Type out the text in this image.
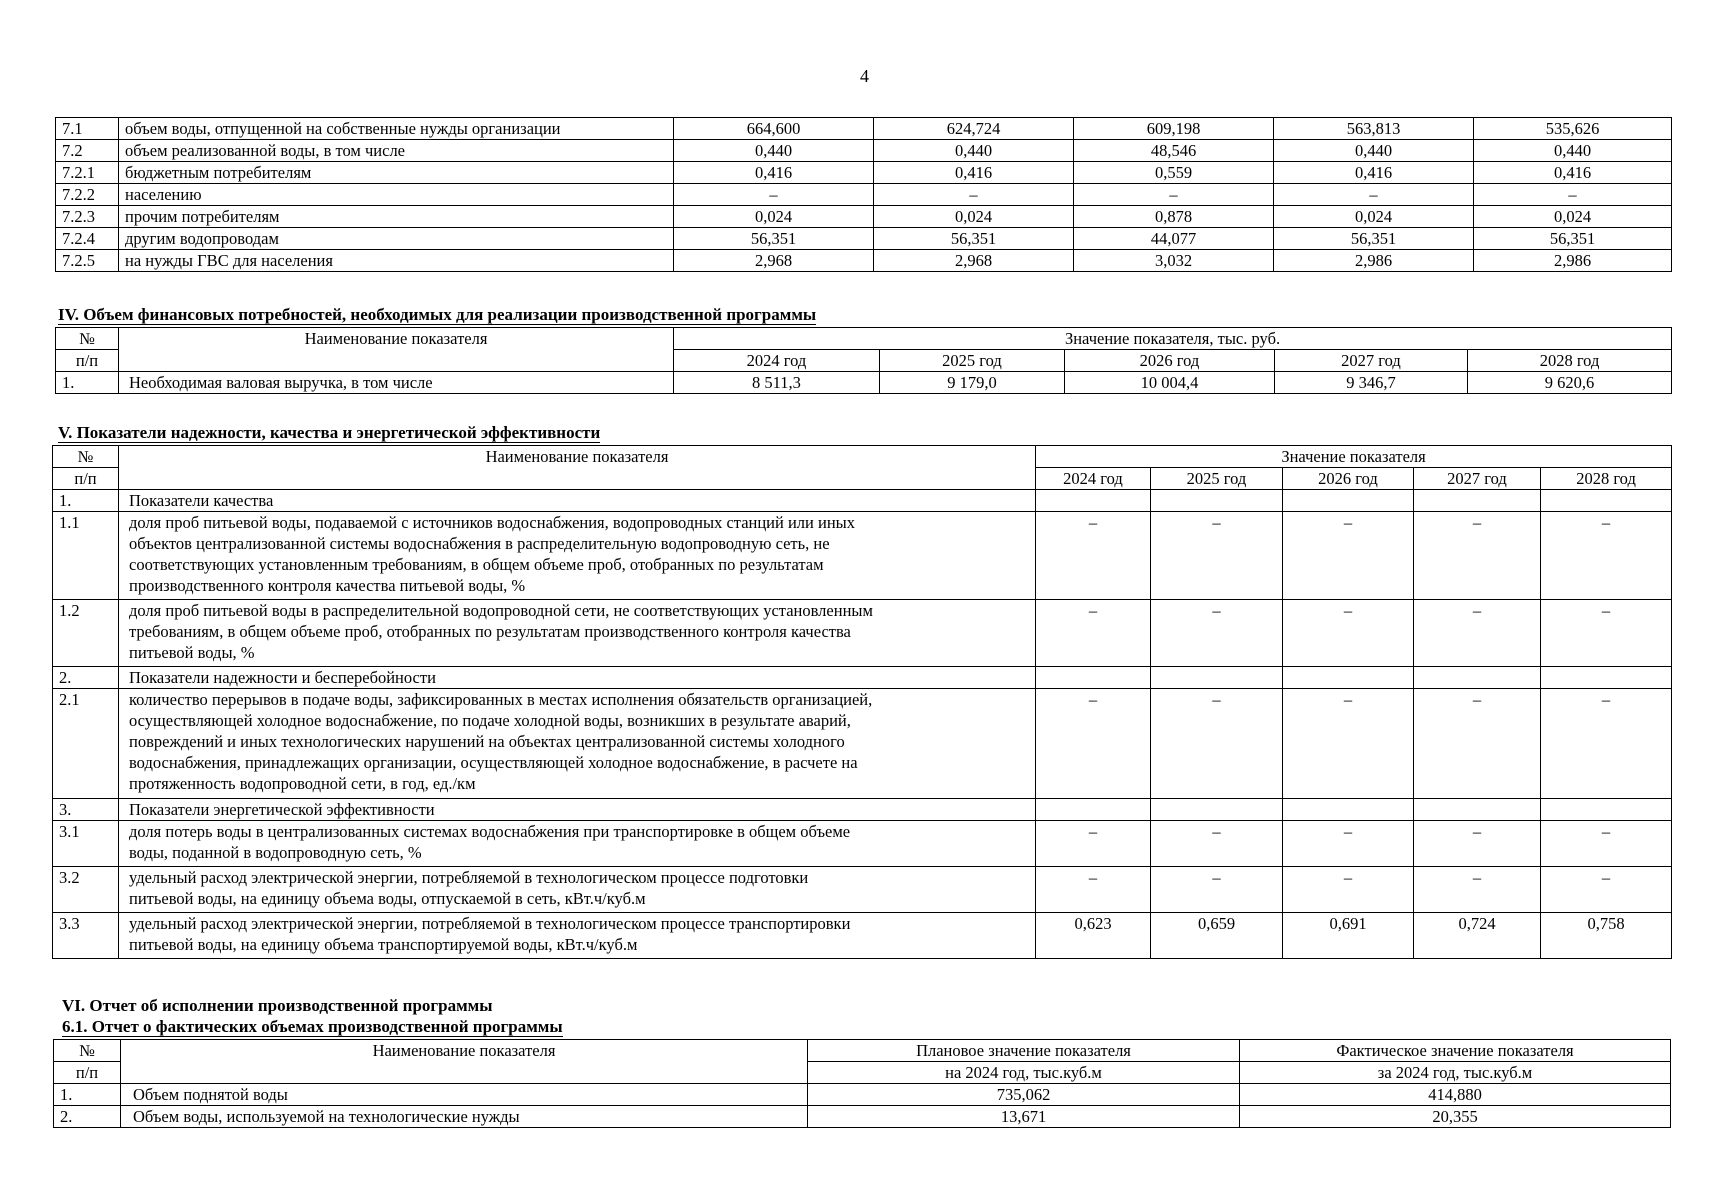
4
7.1	объем воды, отпущенной на собственные нужды организации	664,600	624,724	609,198	563,813	535,626
7.2	объем реализованной воды, в том числе	0,440	0,440	48,546	0,440	0,440
7.2.1	бюджетным потребителям	0,416	0,416	0,559	0,416	0,416
7.2.2	населению	–	–	–	–	–
7.2.3	прочим потребителям	0,024	0,024	0,878	0,024	0,024
7.2.4	другим водопроводам	56,351	56,351	44,077	56,351	56,351
7.2.5	на нужды ГВС для населения	2,968	2,968	3,032	2,986	2,986
IV. Объем финансовых потребностей, необходимых для реализации производственной программы
№	Наименование показателя	Значение показателя, тыс. руб.				
п/п		2024 год	2025 год	2026 год	2027 год	2028 год
1.	Необходимая валовая выручка, в том числе	8 511,3	9 179,0	10 004,4	9 346,7	9 620,6
V. Показатели надежности, качества и энергетической эффективности
№	Наименование показателя	Значение показателя				
п/п		2024 год	2025 год	2026 год	2027 год	2028 год
1.	Показатели качества					

1.1	доля проб питьевой воды, подаваемой с источников водоснабжения, водопроводных станций или иных
объектов централизованной системы водоснабжения в распределительную водопроводную сеть, не
соответствующих установленным требованиям, в общем объеме проб, отобранных по результатам
производственного контроля качества питьевой воды, %	–	–	–	–	–
1.2	доля проб питьевой воды в распределительной водопроводной сети, не соответствующих установленным
требованиям, в общем объеме проб, отобранных по результатам производственного контроля качества
питьевой воды, %	–	–	–	–	–
2.	Показатели надежности и бесперебойности					

2.1	количество перерывов в подаче воды, зафиксированных в местах исполнения обязательств организацией,
осуществляющей холодное водоснабжение, по подаче холодной воды, возникших в результате аварий,
повреждений и иных технологических нарушений на объектах централизованной системы холодного
водоснабжения, принадлежащих организации, осуществляющей холодное водоснабжение, в расчете на
протяженность водопроводной сети, в год, ед./км	–	–	–	–	–
3.	Показатели энергетической эффективности					

3.1	доля потерь воды в централизованных системах водоснабжения при транспортировке в общем объеме
воды, поданной в водопроводную сеть, %	–	–	–	–	–
3.2	удельный расход электрической энергии, потребляемой в технологическом процессе подготовки
питьевой воды, на единицу объема воды, отпускаемой в сеть, кВт.ч/куб.м	–	–	–	–	–
3.3	удельный расход электрической энергии, потребляемой в технологическом процессе транспортировки
питьевой воды, на единицу объема транспортируемой воды, кВт.ч/куб.м	0,623	0,659	0,691	0,724	0,758
VI. Отчет об исполнении производственной программы
6.1. Отчет о фактических объемах производственной программы
№	Наименование показателя	Плановое значение показателя	Фактическое значение показателя
п/п		на 2024 год, тыс.куб.м	за 2024 год, тыс.куб.м
1.	Объем поднятой воды	735,062	414,880
2.	Объем воды, используемой на технологические нужды	13,671	20,355
